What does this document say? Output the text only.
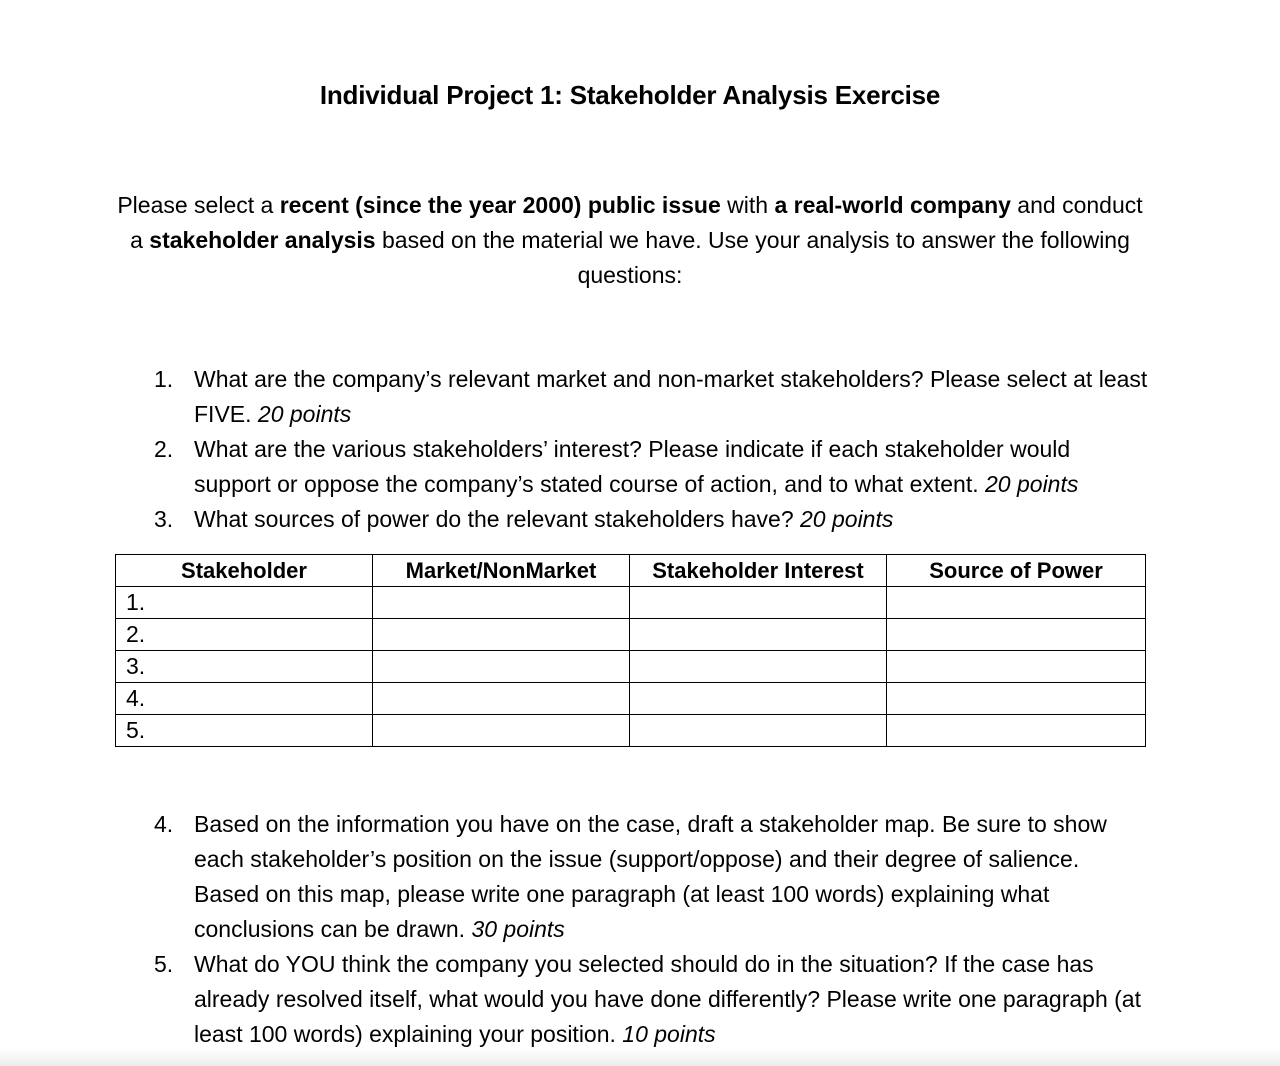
Individual Project 1: Stakeholder Analysis Exercise
Please select a recent (since the year 2000) public issue with a real-world company and conduct a stakeholder analysis based on the material we have. Use your analysis to answer the following questions:
1. What are the company’s relevant market and non-market stakeholders? Please select at least FIVE. 20 points
2. What are the various stakeholders’ interest? Please indicate if each stakeholder would support or oppose the company’s stated course of action, and to what extent. 20 points
3. What sources of power do the relevant stakeholders have? 20 points
Stakeholder	Market/NonMarket	Stakeholder Interest	Source of Power
1.			
2.			
3.			
4.			
5.			
4. Based on the information you have on the case, draft a stakeholder map. Be sure to show each stakeholder’s position on the issue (support/oppose) and their degree of salience. Based on this map, please write one paragraph (at least 100 words) explaining what conclusions can be drawn. 30 points
5. What do YOU think the company you selected should do in the situation? If the case has already resolved itself, what would you have done differently? Please write one paragraph (at least 100 words) explaining your position. 10 points
